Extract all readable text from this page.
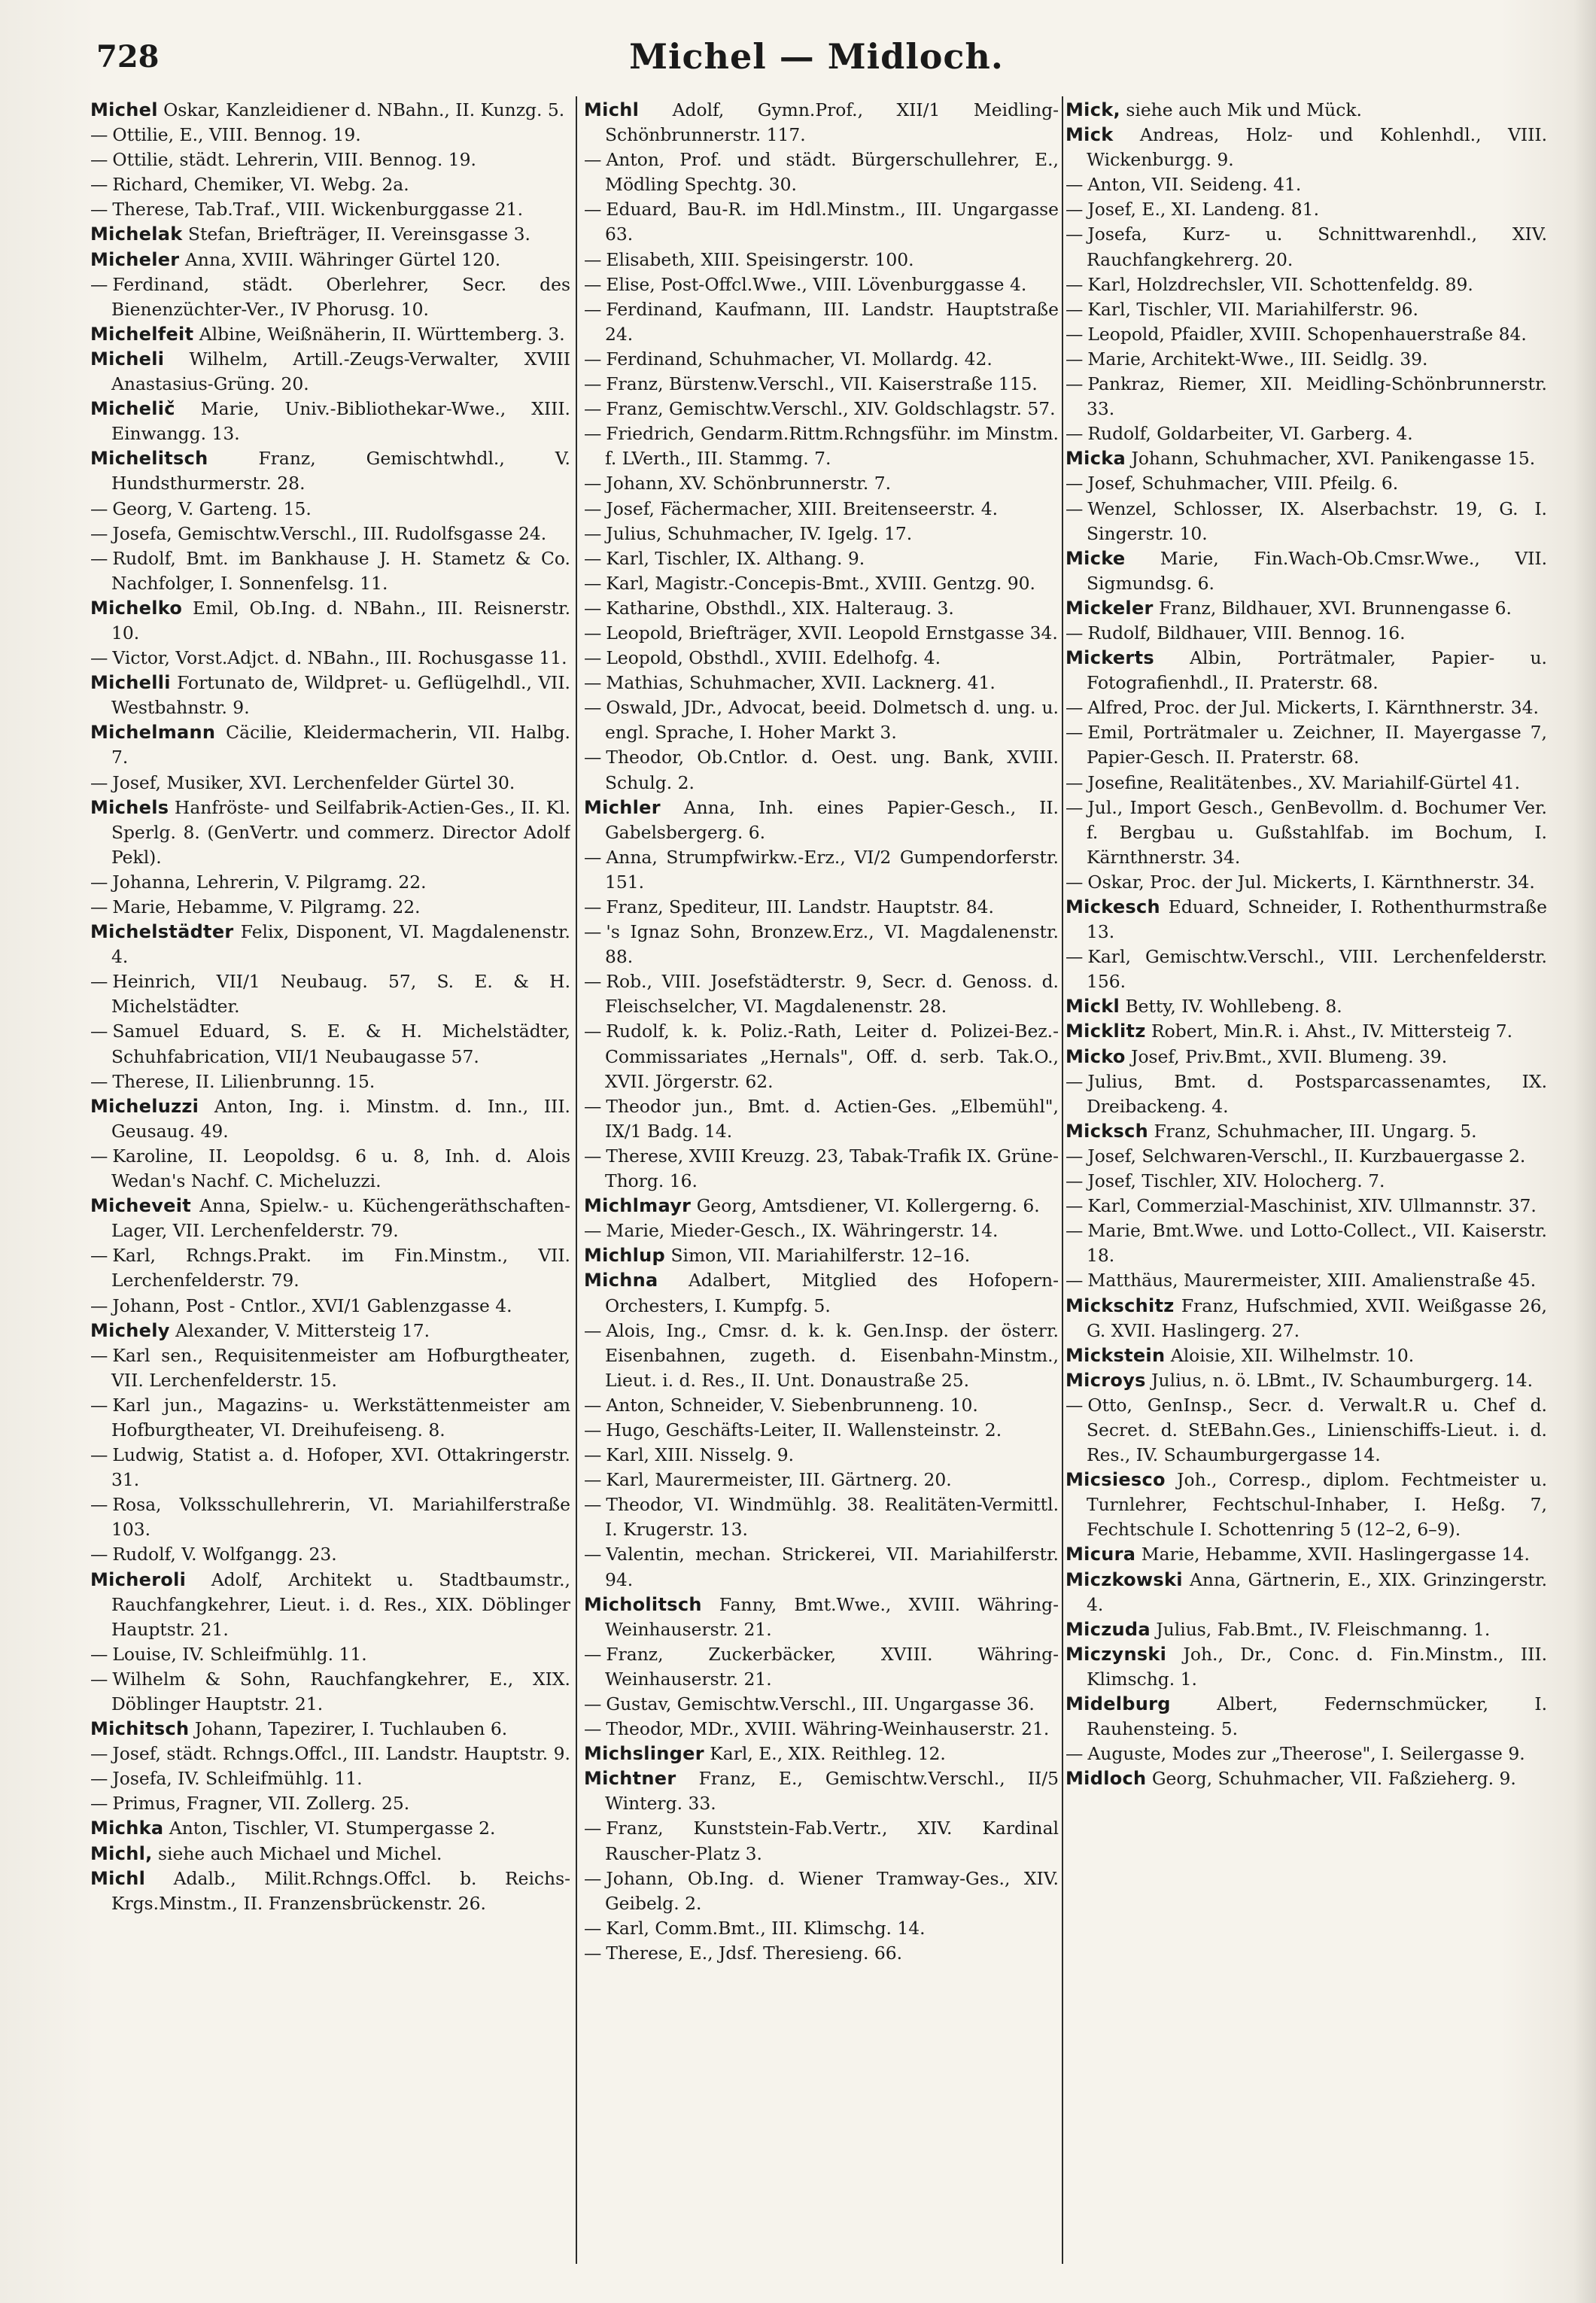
728	Michel — Midloch.

Michel Oskar, Kanzleidiener d. NBahn., II. Kunzg. 5.

— Ottilie, E., VIII. Bennog. 19.

— Ottilie, städt. Lehrerin, VIII. Bennog. 19.

— Richard, Chemiker, VI. Webg. 2a.

— Therese, Tab.Traf., VIII. Wickenburggasse 21.

Michelak Stefan, Briefträger, II. Vereinsgasse 3.

Micheler Anna, XVIII. Währinger Gürtel 120.

— Ferdinand, städt. Oberlehrer, Secr. des Bienenzüchter-Ver., IV Phorusg. 10.

Michelfeit Albine, Weißnäherin, II. Württemberg. 3.

Micheli Wilhelm, Artill.-Zeugs-Verwalter, XVIII Anastasius-Grüng. 20.

Michelič Marie, Univ.-Bibliothekar-Wwe., XIII. Einwangg. 13.

Michelitsch	Franz, Gemischtwhdl., V. Hundsthurmerstr. 28.

— Georg, V. Garteng. 15.

— Josefa, Gemischtw.Verschl., III. Rudolfsgasse 24.

— Rudolf, Bmt. im Bankhause J. H. Stametz & Co. Nachfolger, I. Sonnenfelsg. 11.

Michelko Emil, Ob.Ing. d. NBahn., III. Reisnerstr. 10.

— Victor, Vorst.Adjct. d. NBahn., III. Rochusgasse 11.

Michelli Fortunato de, Wildpret- u. Geflügelhdl., VII. Westbahnstr. 9.

Michelmann Cäcilie, Kleidermacherin, VII. Halbg. 7.

— Josef, Musiker, XVI. Lerchenfelder Gürtel 30.

Michels Hanfröste- und Seilfabrik-Actien-Ges., II. Kl. Sperlg. 8. (GenVertr. und commerz. Director Adolf Pekl).

— Johanna, Lehrerin, V. Pilgramg. 22.

— Marie, Hebamme, V. Pilgramg. 22.

Michelstädter Felix, Disponent, VI. Magdalenenstr. 4.

— Heinrich, VII/1 Neubaug. 57, S. E. & H. Michelstädter.

— Samuel Eduard, S. E. & H. Michelstädter, Schuhfabrication, VII/1 Neubaugasse 57.

— Therese, II. Lilienbrunng. 15.

Micheluzzi Anton, Ing. i. Minstm. d. Inn., III. Geusaug. 49.

— Karoline, II. Leopoldsg. 6 u. 8, Inh. d. Alois Wedan's Nachf. C. Micheluzzi.

Micheveit Anna, Spielw.- u. Küchengeräthschaften-Lager, VII. Lerchenfelderstr. 79.

— Karl, Rchngs.Prakt. im Fin.Minstm., VII. Lerchenfelderstr. 79.

— Johann, Post - Cntlor., XVI/1 Gablenzgasse 4.

Michely Alexander, V. Mittersteig 17.

— Karl sen., Requisitenmeister am Hofburgtheater, VII. Lerchenfelderstr. 15.

— Karl jun., Magazins- u. Werkstättenmeister am Hofburgtheater, VI. Dreihufeiseng. 8.

— Ludwig, Statist a. d. Hofoper, XVI. Ottakringerstr. 31.

— Rosa, Volksschullehrerin, VI. Mariahilferstraße 103.

— Rudolf, V. Wolfgangg. 23.

Micheroli Adolf, Architekt u. Stadtbaumstr., Rauchfangkehrer, Lieut. i. d. Res., XIX. Döblinger Hauptstr. 21.

— Louise, IV. Schleifmühlg. 11.

— Wilhelm & Sohn, Rauchfangkehrer, E., XIX. Döblinger Hauptstr. 21.

Michitsch Johann, Tapezirer, I. Tuchlauben 6.

— Josef, städt. Rchngs.Offcl., III. Landstr. Hauptstr. 9.

— Josefa, IV. Schleifmühlg. 11.

— Primus, Fragner, VII. Zollerg. 25.

Michka Anton, Tischler, VI. Stumpergasse 2.

Michl, siehe auch Michael und Michel.

Michl Adalb., Milit.Rchngs.Offcl. b. Reichs-Krgs.Minstm., II. Franzensbrückenstr. 26.

Michl Adolf, Gymn.Prof., XII/1 Meidling-Schönbrunnerstr. 117.

— Anton, Prof. und städt. Bürgerschullehrer, E., Mödling Spechtg. 30.

— Eduard, Bau-R. im Hdl.Minstm., III. Ungargasse 63.

— Elisabeth, XIII. Speisingerstr. 100.

— Elise, Post-Offcl.Wwe., VIII. Lövenburggasse 4.

— Ferdinand, Kaufmann, III. Landstr. Hauptstraße 24.

— Ferdinand, Schuhmacher, VI. Mollardg. 42.

— Franz, Bürstenw.Verschl., VII. Kaiserstraße 115.

— Franz, Gemischtw.Verschl., XIV. Goldschlagstr. 57.

— Friedrich, Gendarm.Rittm.Rchngsführ. im Minstm. f. LVerth., III. Stammg. 7.

— Johann, XV. Schönbrunnerstr. 7.

— Josef, Fächermacher, XIII. Breitenseerstr. 4.

— Julius, Schuhmacher, IV. Igelg. 17.

— Karl, Tischler, IX. Althang. 9.

— Karl, Magistr.-Concepis-Bmt., XVIII. Gentzg. 90.

— Katharine, Obsthdl., XIX. Halteraug. 3.

— Leopold, Briefträger, XVII. Leopold Ernstgasse 34.

— Leopold, Obsthdl., XVIII. Edelhofg. 4.

— Mathias, Schuhmacher, XVII. Lacknerg. 41.

— Oswald, JDr., Advocat, beeid. Dolmetsch d. ung. u. engl. Sprache, I. Hoher Markt 3.

— Theodor, Ob.Cntlor. d. Oest. ung. Bank, XVIII. Schulg. 2.

Michler Anna, Inh. eines Papier-Gesch., II. Gabelsbergerg. 6.

— Anna, Strumpfwirkw.-Erz., VI/2 Gumpendorferstr. 151.

— Franz, Spediteur, III. Landstr. Hauptstr. 84.

— 's Ignaz Sohn, Bronzew.Erz., VI. Magdalenenstr. 88.

— Rob., VIII. Josefstädterstr. 9, Secr. d. Genoss. d. Fleischselcher, VI. Magdalenenstr. 28.

— Rudolf, k. k. Poliz.-Rath, Leiter d. Polizei-Bez.-Commissariates „Hernals", Off. d. serb. Tak.O., XVII. Jörgerstr. 62.

— Theodor jun., Bmt. d. Actien-Ges. „Elbemühl", IX/1 Badg. 14.

— Therese, XVIII Kreuzg. 23, Tabak-Trafik IX. Grüne-Thorg. 16.

Michlmayr Georg, Amtsdiener, VI. Kollergerng. 6.

— Marie, Mieder-Gesch., IX. Währingerstr. 14.

Michlup Simon, VII. Mariahilferstr. 12–16.

Michna Adalbert, Mitglied des Hofopern-Orchesters, I. Kumpfg. 5.

— Alois, Ing., Cmsr. d. k. k. Gen.Insp. der österr. Eisenbahnen, zugeth. d. Eisenbahn-Minstm., Lieut. i. d. Res., II. Unt. Donaustraße 25.

— Anton, Schneider, V. Siebenbrunneng. 10.

— Hugo, Geschäfts-Leiter, II. Wallensteinstr. 2.

— Karl, XIII. Nisselg. 9.

— Karl, Maurermeister, III. Gärtnerg. 20.

— Theodor, VI. Windmühlg. 38. Realitäten-Vermittl. I. Krugerstr. 13.

— Valentin, mechan. Strickerei, VII. Mariahilferstr. 94.

Micholitsch Fanny, Bmt.Wwe., XVIII. Währing-Weinhauserstr. 21.

— Franz, Zuckerbäcker, XVIII. Währing-Weinhauserstr. 21.

— Gustav, Gemischtw.Verschl., III. Ungargasse 36.

— Theodor, MDr., XVIII. Währing-Weinhauserstr. 21.

Michslinger Karl, E., XIX. Reithleg. 12.

Michtner Franz, E., Gemischtw.Verschl., II/5 Winterg. 33.

— Franz, Kunststein-Fab.Vertr., XIV. Kardinal Rauscher-Platz 3.

— Johann, Ob.Ing. d. Wiener Tramway-Ges., XIV. Geibelg. 2.

— Karl, Comm.Bmt., III. Klimschg. 14.

— Therese, E., Jdsf. Theresieng. 66.

Mick, siehe auch Mik und Mück.

Mick Andreas, Holz- und Kohlenhdl., VIII. Wickenburgg. 9.

— Anton, VII. Seideng. 41.

— Josef, E., XI. Landeng. 81.

— Josefa, Kurz- u. Schnittwarenhdl., XIV. Rauchfangkehrerg. 20.

— Karl, Holzdrechsler, VII. Schottenfeldg. 89.

— Karl, Tischler, VII. Mariahilferstr. 96.

— Leopold, Pfaidler, XVIII. Schopenhauerstraße 84.

— Marie, Architekt-Wwe., III. Seidlg. 39.

— Pankraz, Riemer, XII. Meidling-Schönbrunnerstr. 33.

— Rudolf, Goldarbeiter, VI. Garberg. 4.

Micka Johann, Schuhmacher, XVI. Panikengasse 15.

— Josef, Schuhmacher, VIII. Pfeilg. 6.

— Wenzel, Schlosser, IX. Alserbachstr. 19, G. I. Singerstr. 10.

Micke Marie, Fin.Wach-Ob.Cmsr.Wwe., VII. Sigmundsg. 6.

Mickeler Franz, Bildhauer, XVI. Brunnengasse 6.

— Rudolf, Bildhauer, VIII. Bennog. 16.

Mickerts Albin, Porträtmaler, Papier- u. Fotografienhdl., II. Praterstr. 68.

— Alfred, Proc. der Jul. Mickerts, I. Kärnthnerstr. 34.

— Emil, Porträtmaler u. Zeichner, II. Mayergasse 7, Papier-Gesch. II. Praterstr. 68.

— Josefine, Realitätenbes., XV. Mariahilf-Gürtel 41.

— Jul., Import Gesch., GenBevollm. d. Bochumer Ver. f. Bergbau u. Gußstahlfab. im Bochum, I. Kärnthnerstr. 34.

— Oskar, Proc. der Jul. Mickerts, I. Kärnthnerstr. 34.

Mickesch Eduard, Schneider, I. Rothenthurmstraße 13.

— Karl, Gemischtw.Verschl., VIII. Lerchenfelderstr. 156.

Mickl Betty, IV. Wohllebeng. 8.

Micklitz Robert, Min.R. i. Ahst., IV. Mittersteig 7.

Micko Josef, Priv.Bmt., XVII. Blumeng. 39.

— Julius, Bmt. d. Postsparcassenamtes, IX. Dreibackeng. 4.

Micksch Franz, Schuhmacher, III. Ungarg. 5.

— Josef, Selchwaren-Verschl., II. Kurzbauergasse 2.

— Josef, Tischler, XIV. Holocherg. 7.

— Karl, Commerzial-Maschinist, XIV. Ullmannstr. 37.

— Marie, Bmt.Wwe. und Lotto-Collect., VII. Kaiserstr. 18.

— Matthäus, Maurermeister, XIII. Amalienstraße 45.

Mickschitz Franz, Hufschmied, XVII. Weißgasse 26, G. XVII. Haslingerg. 27.

Mickstein Aloisie, XII. Wilhelmstr. 10.

Microys Julius, n. ö. LBmt., IV. Schaumburgerg. 14.

— Otto, GenInsp., Secr. d. Verwalt.R u. Chef d. Secret. d. StEBahn.Ges., Linienschiffs-Lieut. i. d. Res., IV. Schaumburgergasse 14.

Micsiesco Joh., Corresp., diplom. Fechtmeister u. Turnlehrer, Fechtschul-Inhaber, I. Heßg. 7, Fechtschule I. Schottenring 5 (12–2, 6–9).

Micura Marie, Hebamme, XVII. Haslingergasse 14.

Miczkowski Anna, Gärtnerin, E., XIX. Grinzingerstr. 4.

Miczuda Julius, Fab.Bmt., IV. Fleischmanng. 1.

Miczynski Joh., Dr., Conc. d. Fin.Minstm., III. Klimschg. 1.

Midelburg	Albert, Federnschmücker, I. Rauhensteing. 5.

— Auguste, Modes zur „Theerose", I. Seilergasse 9.

Midloch Georg, Schuhmacher, VII. Faßzieherg. 9.
